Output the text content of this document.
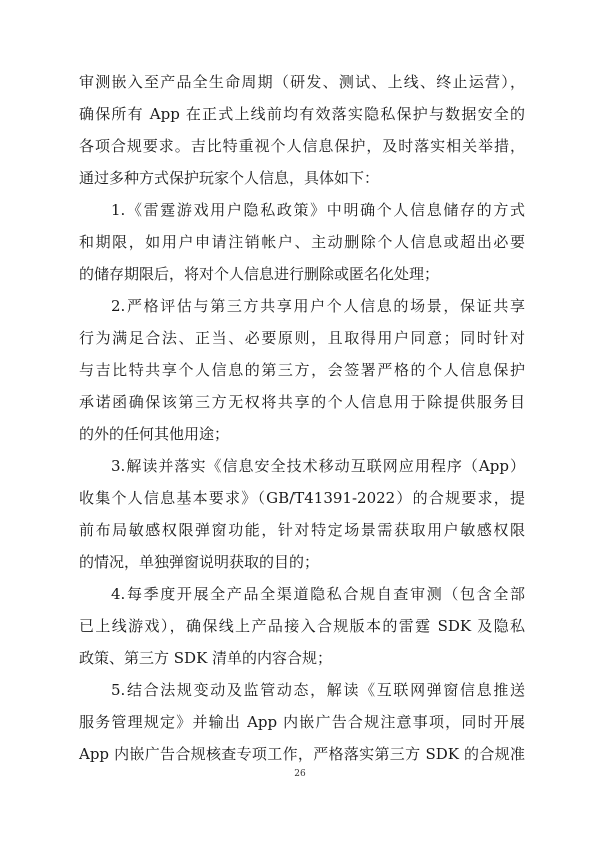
审测嵌入至产品全生命周期（研发、测试、上线、终止运营），
确保所有 App 在正式上线前均有效落实隐私保护与数据安全的
各项合规要求。吉比特重视个人信息保护，及时落实相关举措，
通过多种方式保护玩家个人信息，具体如下：
1.《雷霆游戏用户隐私政策》中明确个人信息储存的方式
和期限，如用户申请注销帐户、主动删除个人信息或超出必要
的储存期限后，将对个人信息进行删除或匿名化处理；
2.严格评估与第三方共享用户个人信息的场景，保证共享
行为满足合法、正当、必要原则，且取得用户同意；同时针对
与吉比特共享个人信息的第三方，会签署严格的个人信息保护
承诺函确保该第三方无权将共享的个人信息用于除提供服务目
的外的任何其他用途；
3.解读并落实《信息安全技术移动互联网应用程序（App）
收集个人信息基本要求》（GB/T41391-2022）的合规要求，提
前布局敏感权限弹窗功能，针对特定场景需获取用户敏感权限
的情况，单独弹窗说明获取的目的；
4.每季度开展全产品全渠道隐私合规自查审测（包含全部
已上线游戏），确保线上产品接入合规版本的雷霆 SDK 及隐私
政策、第三方 SDK 清单的内容合规；
5.结合法规变动及监管动态，解读《互联网弹窗信息推送
服务管理规定》并输出 App 内嵌广告合规注意事项，同时开展
App 内嵌广告合规核查专项工作，严格落实第三方 SDK 的合规准
26
